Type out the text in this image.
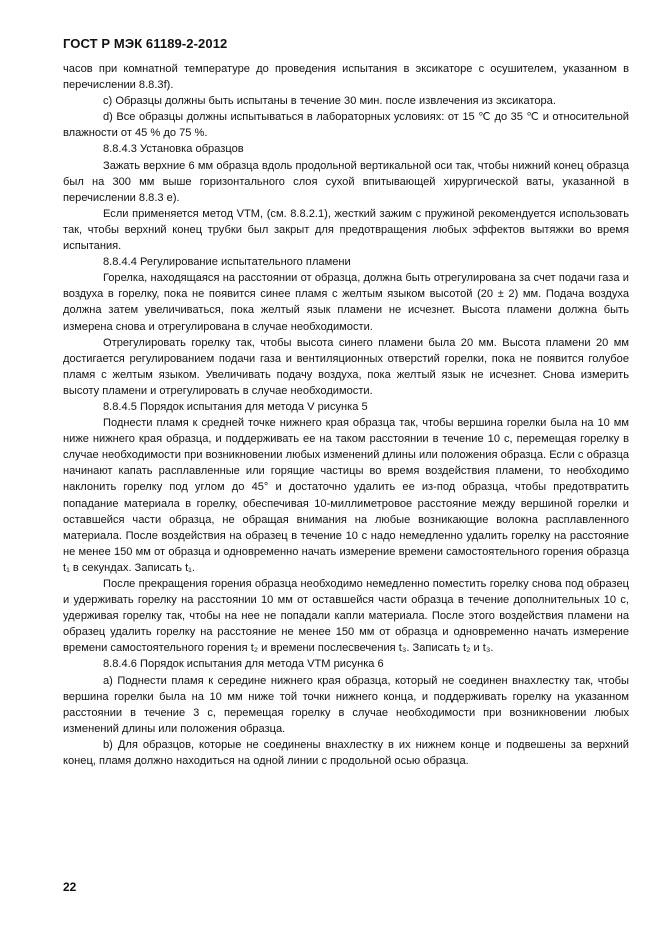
ГОСТ Р МЭК 61189-2-2012

часов при комнатной температуре до проведения испытания в эксикаторе с осушителем, указанном в перечислении 8.8.3f).

c) Образцы должны быть испытаны в течение 30 мин. после извлечения из эксикатора.

d) Все образцы должны испытываться в лабораторных условиях: от 15 ℃ до 35 ℃ и относительной влажности от 45 % до 75 %.

8.8.4.3 Установка образцов

Зажать верхние 6 мм образца вдоль продольной вертикальной оси так, чтобы нижний конец образца был на 300 мм выше горизонтального слоя сухой впитывающей хирургической ваты, указанной в перечислении 8.8.3 e).

Если применяется метод VTM, (см. 8.8.2.1), жесткий зажим с пружиной рекомендуется использовать так, чтобы верхний конец трубки был закрыт для предотвращения любых эффектов вытяжки во время испытания.

8.8.4.4 Регулирование испытательного пламени

Горелка, находящаяся на расстоянии от образца, должна быть отрегулирована за счет подачи газа и воздуха в горелку, пока не появится синее пламя с желтым языком высотой (20 ± 2) мм. Подача воздуха должна затем увеличиваться, пока желтый язык пламени не исчезнет. Высота пламени должна быть измерена снова и отрегулирована в случае необходимости.

Отрегулировать горелку так, чтобы высота синего пламени была 20 мм. Высота пламени 20 мм достигается регулированием подачи газа и вентиляционных отверстий горелки, пока не появится голубое пламя с желтым языком. Увеличивать подачу воздуха, пока желтый язык не исчезнет. Снова измерить высоту пламени и отрегулировать в случае необходимости.

8.8.4.5 Порядок испытания для метода V рисунка 5

Поднести пламя к средней точке нижнего края образца так, чтобы вершина горелки была на 10 мм ниже нижнего края образца, и поддерживать ее на таком расстоянии в течение 10 с, перемещая горелку в случае необходимости при возникновении любых изменений длины или положения образца. Если с образца начинают капать расплавленные или горящие частицы во время воздействия пламени, то необходимо наклонить горелку под углом до 45° и достаточно удалить ее из-под образца, чтобы предотвратить попадание материала в горелку, обеспечивая 10-миллиметровое расстояние между вершиной горелки и оставшейся части образца, не обращая внимания на любые возникающие волокна расплавленного материала. После воздействия на образец в течение 10 с надо немедленно удалить горелку на расстояние не менее 150 мм от образца и одновременно начать измерение времени самостоятельного горения образца t₁ в секундах. Записать t₁.

После прекращения горения образца необходимо немедленно поместить горелку снова под образец и удерживать горелку на расстоянии 10 мм от оставшейся части образца в течение дополнительных 10 с, удерживая горелку так, чтобы на нее не попадали капли материала. После этого воздействия пламени на образец удалить горелку на расстояние не менее 150 мм от образца и одновременно начать измерение времени самостоятельного горения t₂ и времени послесвечения t₃. Записать t₂ и t₃.

8.8.4.6 Порядок испытания для метода VTM рисунка 6

a) Поднести пламя к середине нижнего края образца, который не соединен внахлестку так, чтобы вершина горелки была на 10 мм ниже той точки нижнего конца, и поддерживать горелку на указанном расстоянии в течение 3 с, перемещая горелку в случае необходимости при возникновении любых изменений длины или положения образца.

b) Для образцов, которые не соединены внахлестку в их нижнем конце и подвешены за верхний конец, пламя должно находиться на одной линии с продольной осью образца.

22
